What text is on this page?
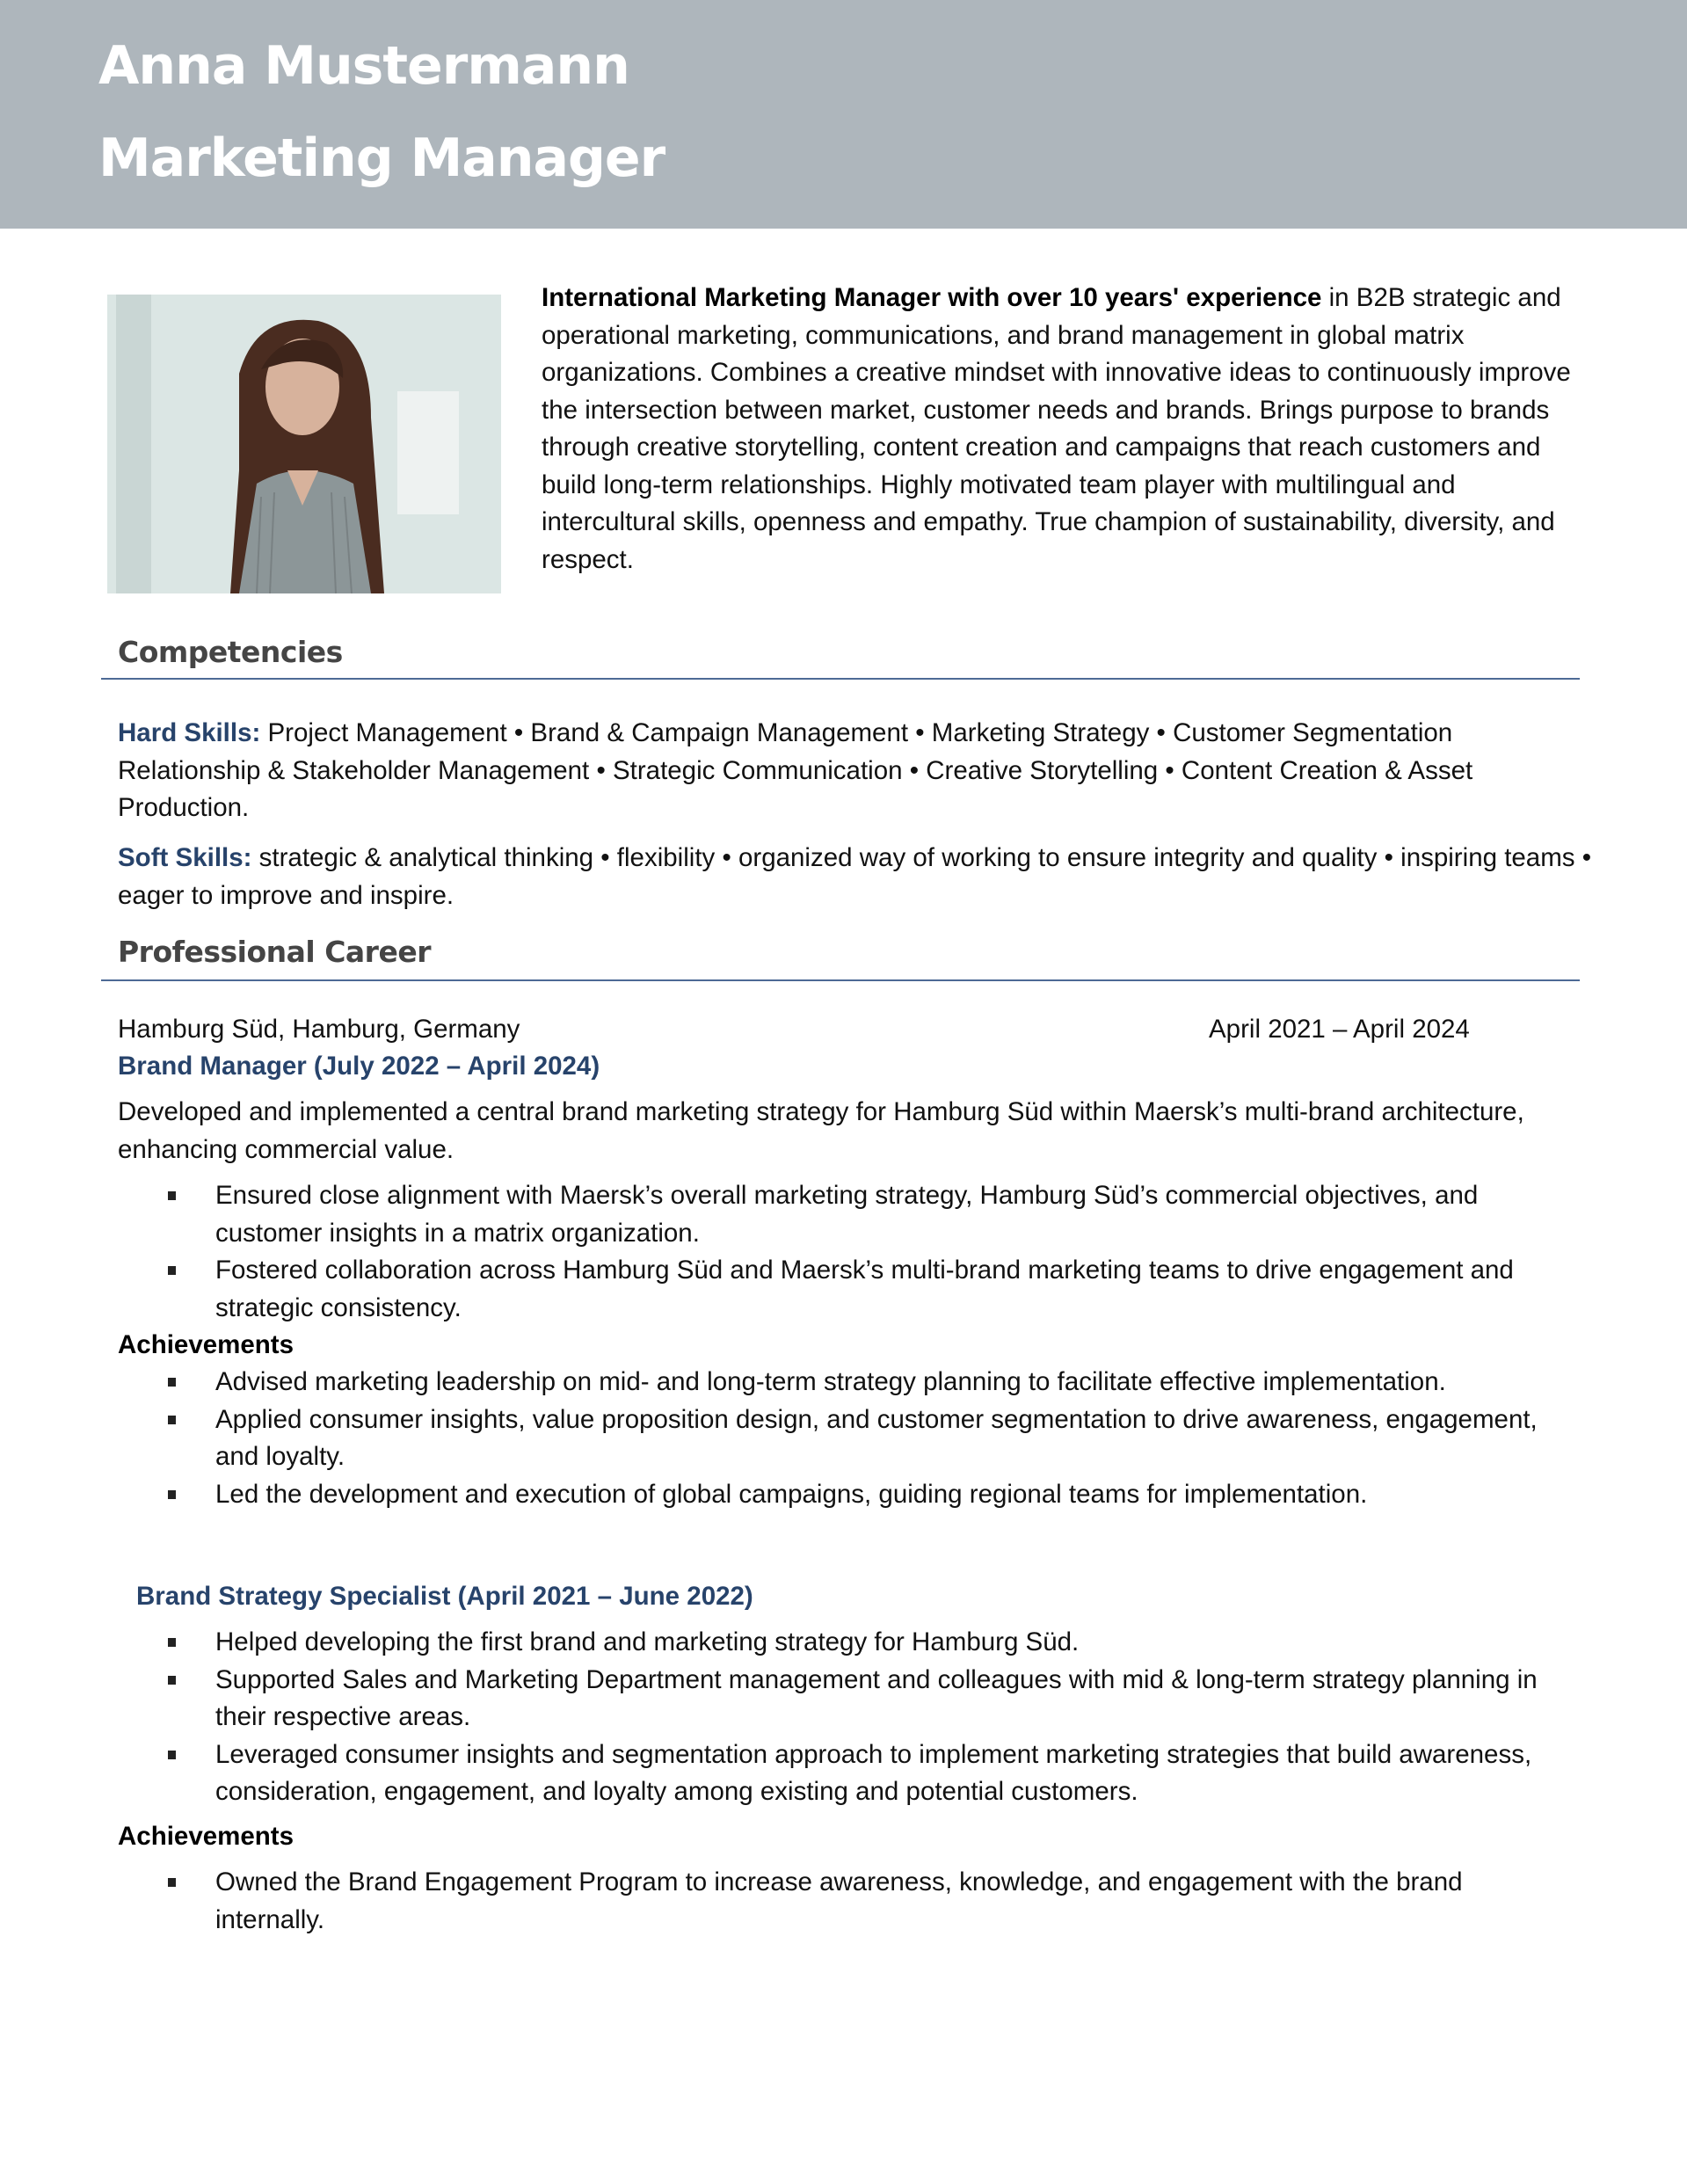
Anna Mustermann
Marketing Manager
International Marketing Manager with over 10 years' experience in B2B strategic and operational marketing, communications, and brand management in global matrix organizations. Combines a creative mindset with innovative ideas to continuously improve the intersection between market, customer needs and brands. Brings purpose to brands through creative storytelling, content creation and campaigns that reach customers and build long-term relationships. Highly motivated team player with multilingual and intercultural skills, openness and empathy. True champion of sustainability, diversity, and respect.
Competencies
Hard Skills: Project Management • Brand & Campaign Management • Marketing Strategy • Customer Segmentation Relationship & Stakeholder Management • Strategic Communication • Creative Storytelling • Content Creation & Asset Production.
Soft Skills: strategic & analytical thinking • flexibility • organized way of working to ensure integrity and quality • inspiring teams • eager to improve and inspire.
Professional Career
Hamburg Süd, Hamburg, Germany	April 2021 – April 2024
Brand Manager (July 2022 – April 2024)
Developed and implemented a central brand marketing strategy for Hamburg Süd within Maersk’s multi-brand architecture, enhancing commercial value.
Ensured close alignment with Maersk’s overall marketing strategy, Hamburg Süd’s commercial objectives, and customer insights in a matrix organization.
Fostered collaboration across Hamburg Süd and Maersk’s multi-brand marketing teams to drive engagement and strategic consistency.
Achievements
Advised marketing leadership on mid- and long-term strategy planning to facilitate effective implementation.
Applied consumer insights, value proposition design, and customer segmentation to drive awareness, engagement, and loyalty.
Led the development and execution of global campaigns, guiding regional teams for implementation.
Brand Strategy Specialist (April 2021 – June 2022)
Helped developing the first brand and marketing strategy for Hamburg Süd.
Supported Sales and Marketing Department management and colleagues with mid & long-term strategy planning in their respective areas.
Leveraged consumer insights and segmentation approach to implement marketing strategies that build awareness, consideration, engagement, and loyalty among existing and potential customers.
Achievements
Owned the Brand Engagement Program to increase awareness, knowledge, and engagement with the brand internally.
